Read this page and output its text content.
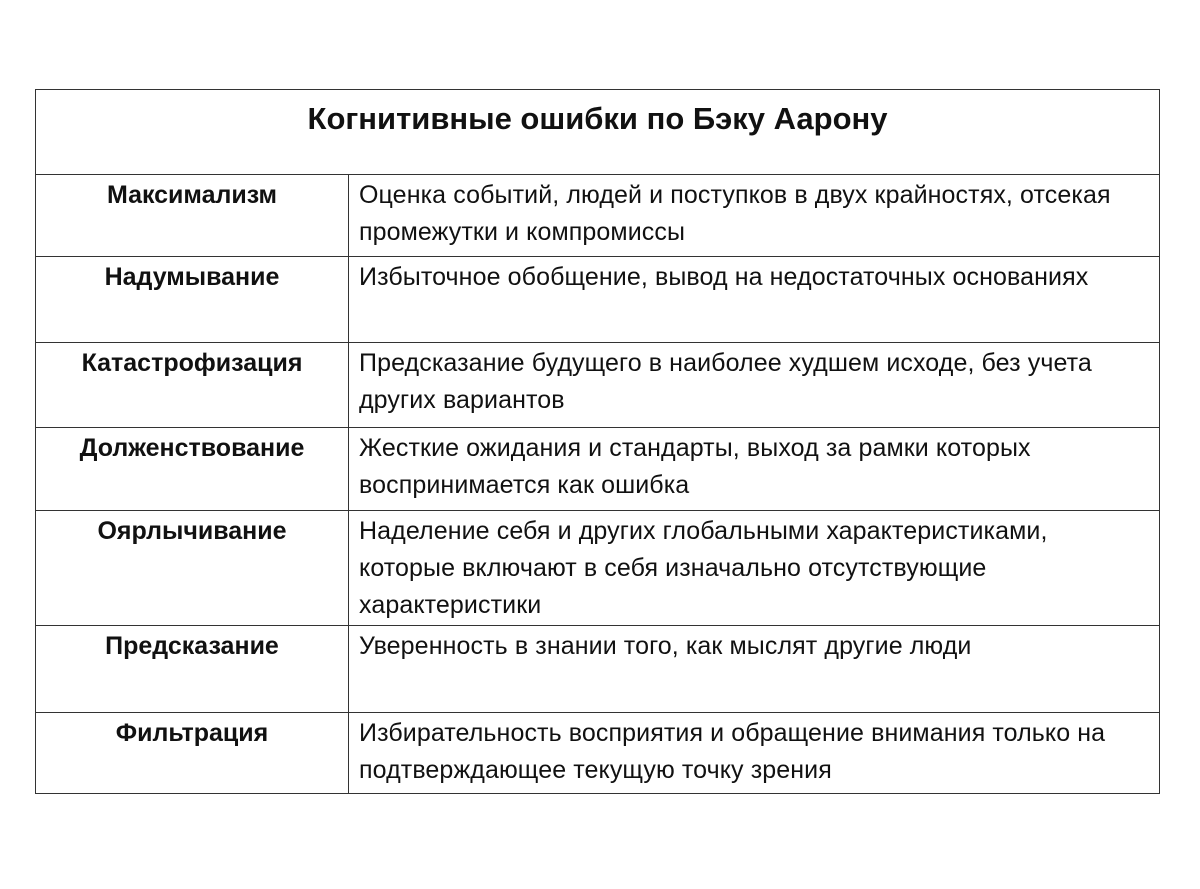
Когнитивные ошибки по Бэку Аарону	

Максимализм	Оценка событий, людей и поступков в двух крайностях, отсекая промежутки и компромиссы
Надумывание	Избыточное обобщение, вывод на недостаточных основаниях
Катастрофизация	Предсказание будущего в наиболее худшем исходе, без учета других вариантов
Долженствование	Жесткие ожидания и стандарты, выход за рамки которых воспринимается как ошибка
Оярлычивание	Наделение себя и других глобальными характеристиками, которые включают в себя изначально отсутствующие характеристики
Предсказание	Уверенность в знании того, как мыслят другие люди
Фильтрация	Избирательность восприятия и обращение внимания только на подтверждающее текущую точку зрения
